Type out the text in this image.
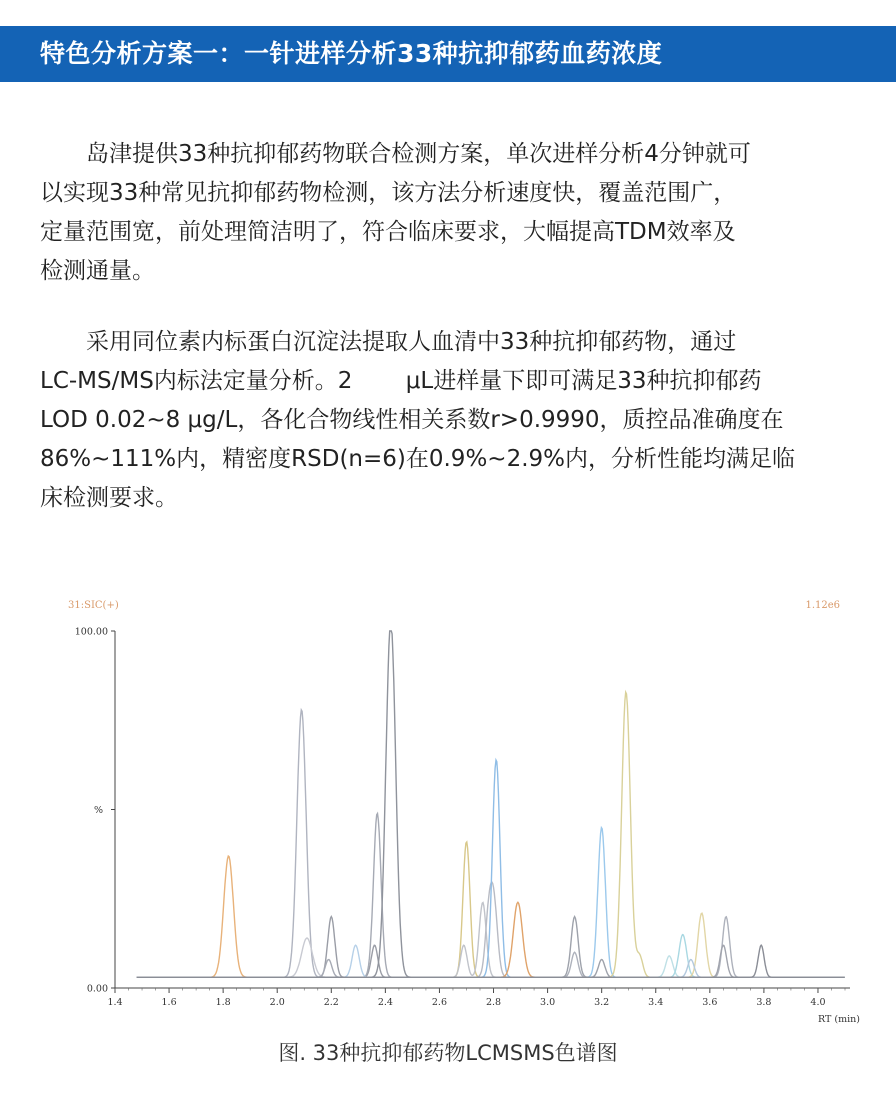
特色分析方案一：一针进样分析33种抗抑郁药血药浓度
　　岛津提供33种抗抑郁药物联合检测方案，单次进样分析4分钟就可
以实现33种常见抗抑郁药物检测，该方法分析速度快，覆盖范围广，
定量范围宽，前处理简洁明了，符合临床要求，大幅提高TDM效率及
检测通量。
　　采用同位素内标蛋白沉淀法提取人血清中33种抗抑郁药物，通过
LC-MS/MS内标法定量分析。2 　　μL进样量下即可满足33种抗抑郁药
LOD 0.02~8 μg/L，各化合物线性相关系数r>0.9990，质控品准确度在
86%~111%内，精密度RSD(n=6)在0.9%~2.9%内，分析性能均满足临
床检测要求。
1.4	1.6	1.8	2.0	2.2	2.4	2.6	2.8	3.0	3.2	3.4	3.6	3.8	4.0
0.00
100.00
%
RT (min)
31:SIC(+)	1.12e6
图. 33种抗抑郁药物LCMSMS色谱图
